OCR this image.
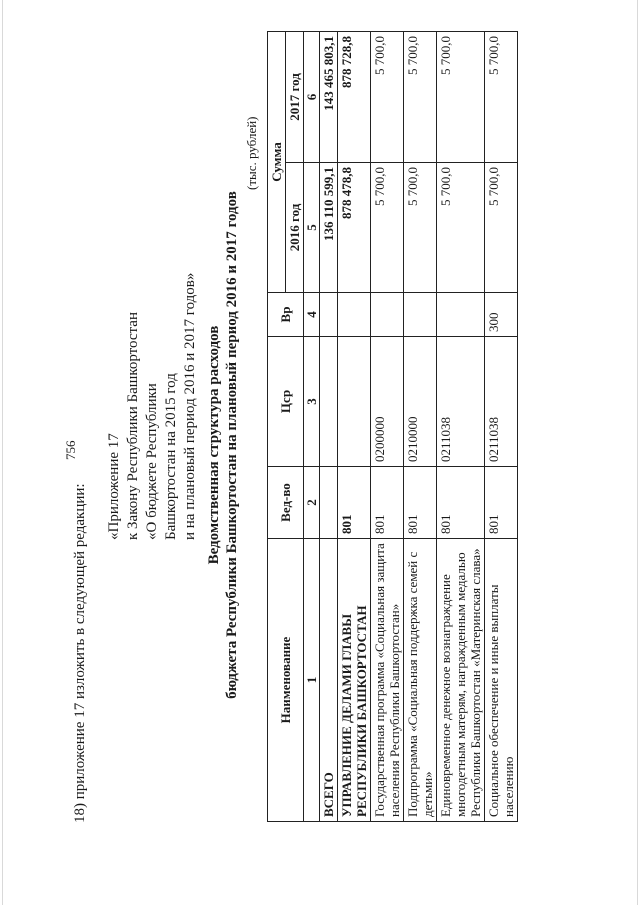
756
18) приложение 17 изложить в следующей редакции: «Приложение 17 к Закону Республики Башкортостан «О бюджете Республики Башкортостан на 2015 год и на плановый период 2016 и 2017 годов» Ведомственная структура расходов бюджета Республики Башкортостан на плановый период 2016 и 2017 годов
(тыс. рублей)
Наименование	Вед-во	Цср	Вр	Сумма	
				2016 год	2017 год
1	2	3	4	5	6
ВСЕГО				136 110 599,1	143 465 803,1
УПРАВЛЕНИЕ ДЕЛАМИ ГЛАВЫ РЕСПУБЛИКИ БАШКОРТОСТАН	801			878 478,8	878 728,8
Государственная программа «Социальная защита населения Республики Башкортостан»	801	0200000		5 700,0	5 700,0
Подпрограмма «Социальная поддержка семей с детьми»	801	0210000		5 700,0	5 700,0
Единовременное денежное вознаграждение многодетным матерям, награжденным медалью Республики Башкортостан «Материнская слава»	801	0211038		5 700,0	5 700,0
Социальное обеспечение и иные выплаты населению	801	0211038	300	5 700,0	5 700,0
